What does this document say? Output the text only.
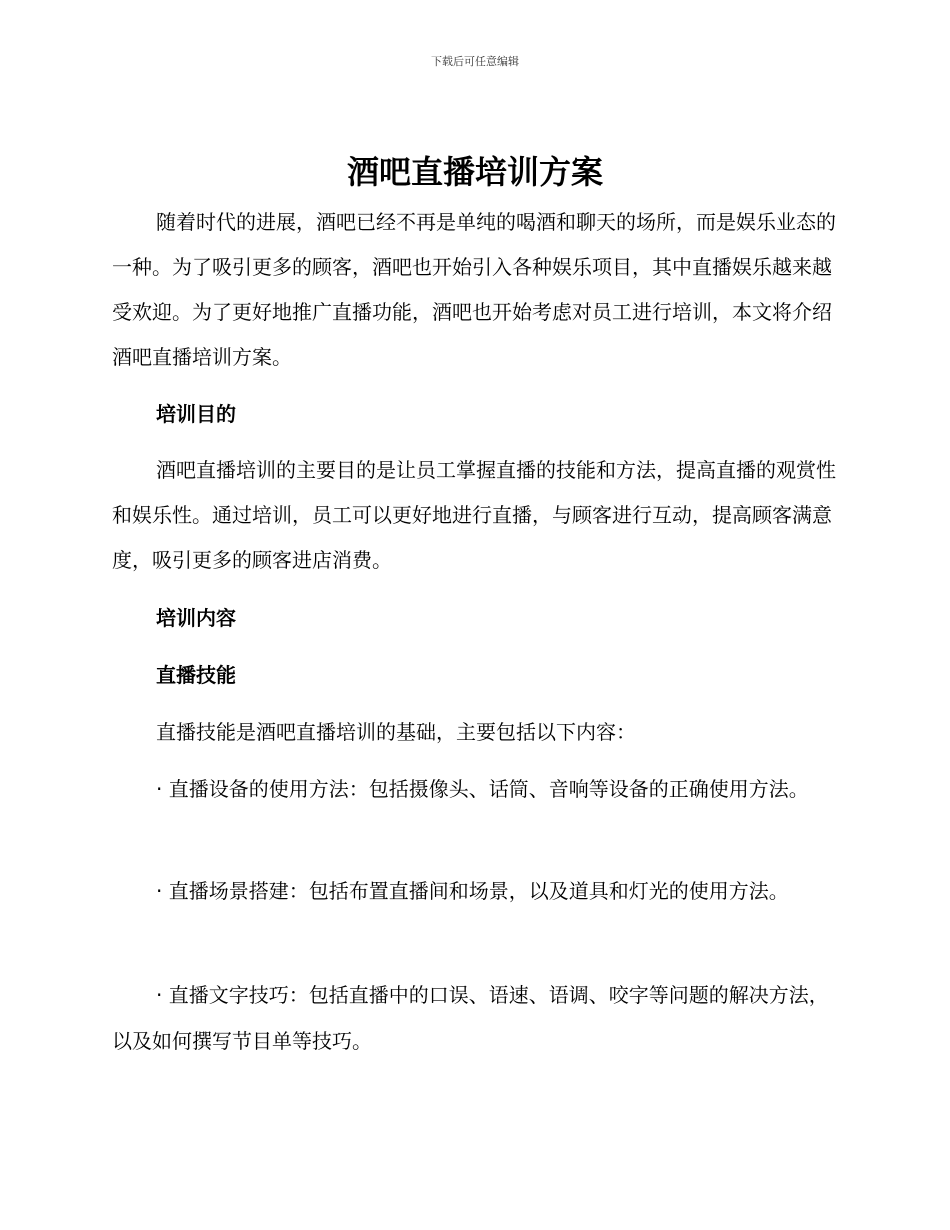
下载后可任意编辑
酒吧直播培训方案

随着时代的进展，酒吧已经不再是单纯的喝酒和聊天的场所，而是娱乐业态的一种。为了吸引更多的顾客，酒吧也开始引入各种娱乐项目，其中直播娱乐越来越受欢迎。为了更好地推广直播功能，酒吧也开始考虑对员工进行培训，本文将介绍酒吧直播培训方案。

培训目的

酒吧直播培训的主要目的是让员工掌握直播的技能和方法，提高直播的观赏性和娱乐性。通过培训，员工可以更好地进行直播，与顾客进行互动，提高顾客满意度，吸引更多的顾客进店消费。

培训内容
直播技能

直播技能是酒吧直播培训的基础，主要包括以下内容：

· 直播设备的使用方法：包括摄像头、话筒、音响等设备的正确使用方法。

· 直播场景搭建：包括布置直播间和场景，以及道具和灯光的使用方法。

· 直播文字技巧：包括直播中的口误、语速、语调、咬字等问题的解决方法，以及如何撰写节目单等技巧。
